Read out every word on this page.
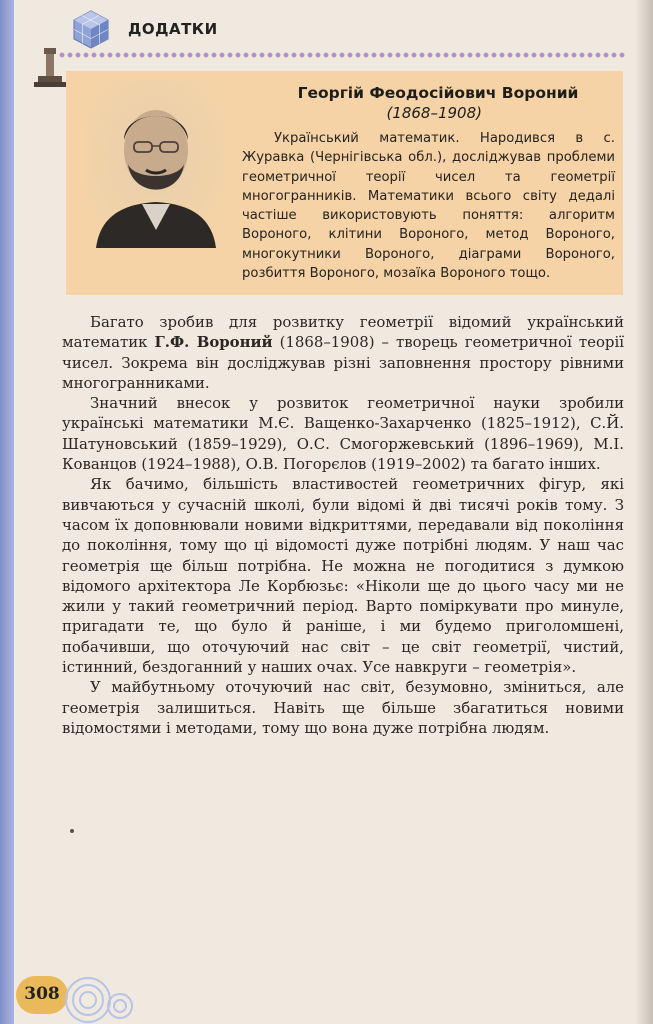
ДОДАТКИ
Георгій Феодосійович Вороний
(1868–1908)
Український математик. Народився в с. Журавка (Чернігівська обл.), досліджував проблеми геометричної теорії чисел та геометрії многогранників. Математики всього світу дедалі частіше використовують поняття: алгоритм Вороного, клітини Вороного, метод Вороного, многокутники Вороного, діаграми Вороного, розбиття Вороного, мозаїка Вороного тощо.

Багато зробив для розвитку геометрії відомий український математик Г.Ф. Вороний (1868–1908) – творець геометричної теорії чисел. Зокрема він досліджував різні заповнення простору рівними многогранниками.

Значний внесок у розвиток геометричної науки зробили українські математики М.Є. Ващенко-Захарченко (1825–1912), С.Й. Шатуновський (1859–1929), О.С. Смогоржевський (1896–1969), М.І. Кованцов (1924–1988), О.В. Погорєлов (1919–2002) та багато інших.

Як бачимо, більшість властивостей геометричних фігур, які вивчаються у сучасній школі, були відомі й дві тисячі років тому. З часом їх доповнювали новими відкриттями, передавали від покоління до покоління, тому що ці відомості дуже потрібні людям. У наш час геометрія ще більш потрібна. Не можна не погодитися з думкою відомого архітектора Ле Корбюзьє: «Ніколи ще до цього часу ми не жили у такий геометричний період. Варто поміркувати про минуле, пригадати те, що було й раніше, і ми будемо приголомшені, побачивши, що оточуючий нас світ – це світ геометрії, чистий, істинний, бездоганний у наших очах. Усе навкруги – геометрія».

У майбутньому оточуючий нас світ, безумовно, зміниться, але геометрія залишиться. Навіть ще більше збагатиться новими відомостями і методами, тому що вона дуже потрібна людям.

308
